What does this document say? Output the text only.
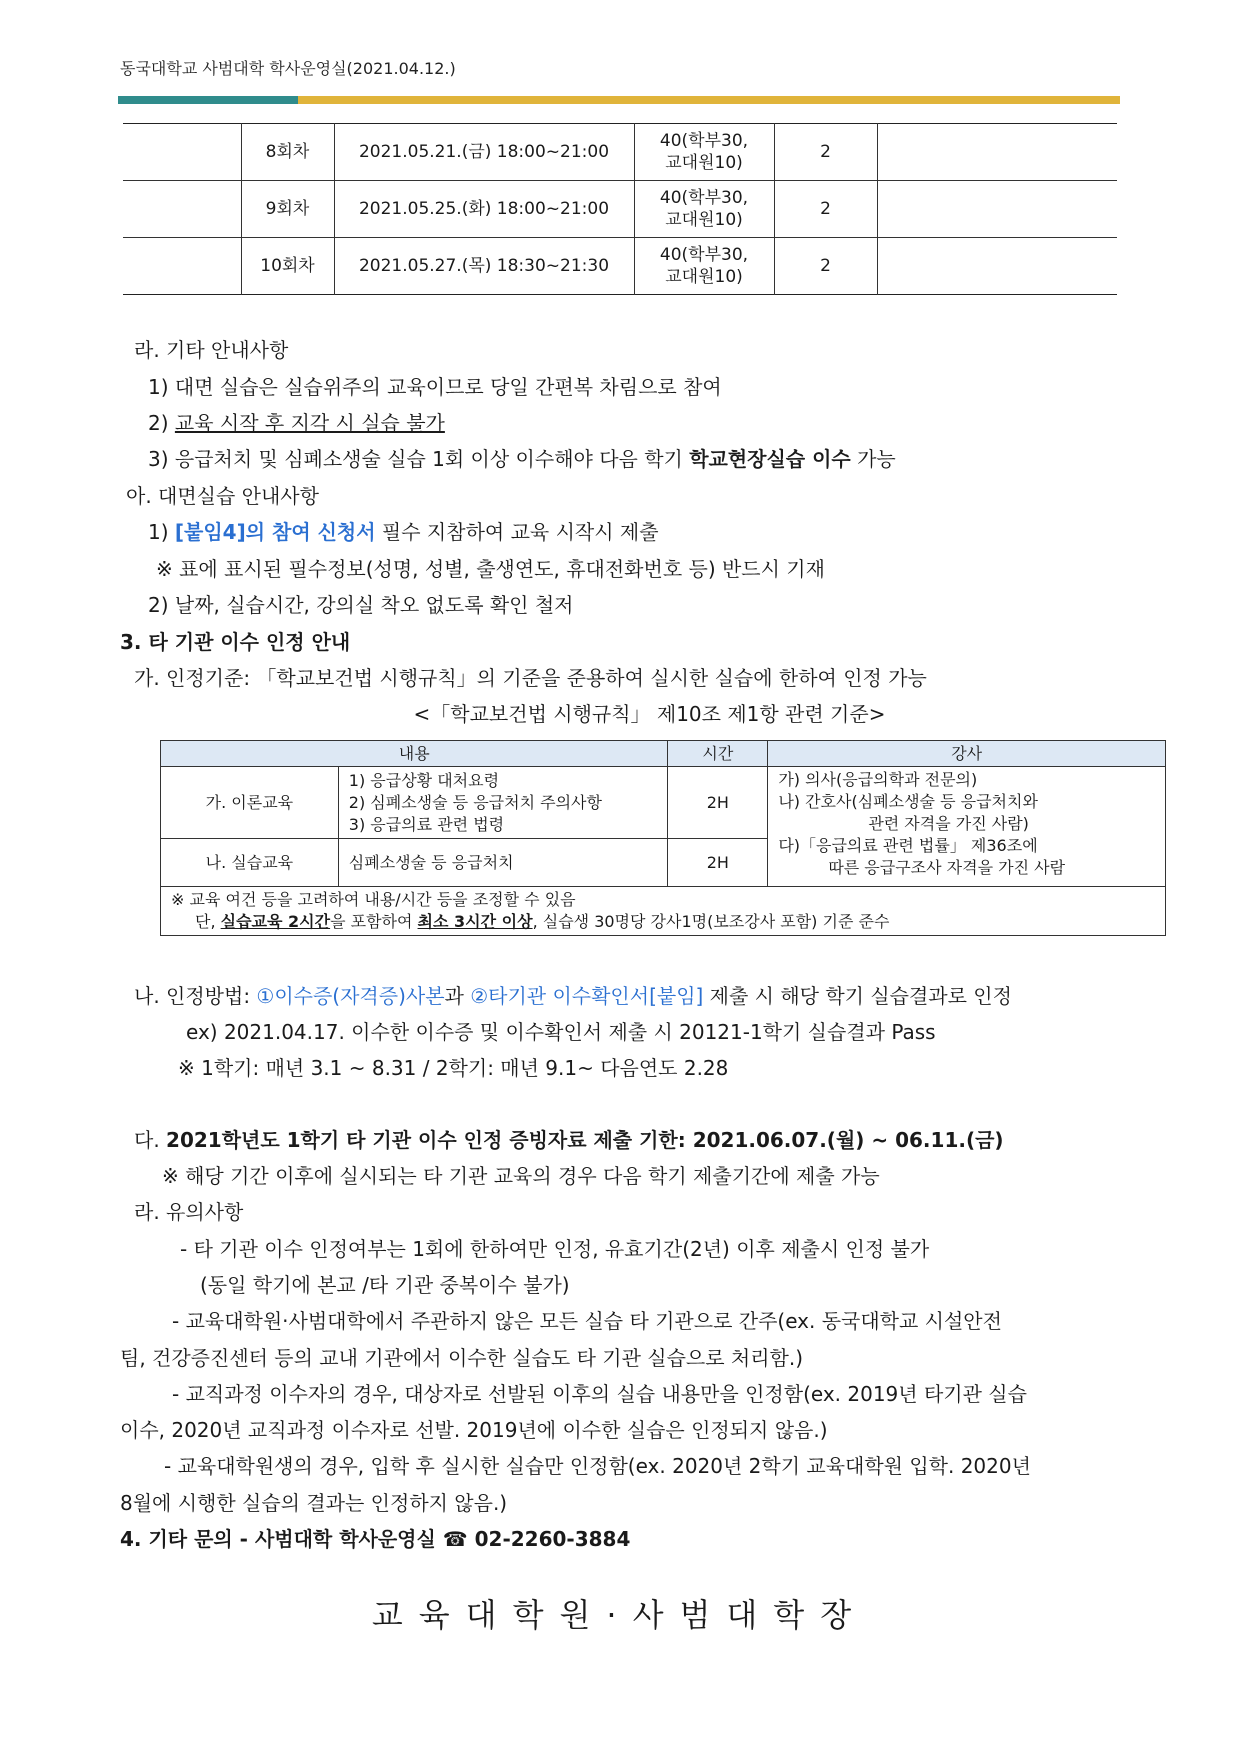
동국대학교 사범대학 학사운영실(2021.04.12.)
	8회차	2021.05.21.(금) 18:00~21:00	40(학부30,
교대원10)	2	
	9회차	2021.05.25.(화) 18:00~21:00	40(학부30,
교대원10)	2	
	10회차	2021.05.27.(목) 18:30~21:30	40(학부30,
교대원10)	2	
라. 기타 안내사항
1) 대면 실습은 실습위주의 교육이므로 당일 간편복 차림으로 참여
2) 교육 시작 후 지각 시 실습 불가
3) 응급처치 및 심폐소생술 실습 1회 이상 이수해야 다음 학기 학교현장실습 이수 가능
아. 대면실습 안내사항
1) [붙임4]의 참여 신청서 필수 지참하여 교육 시작시 제출
※ 표에 표시된 필수정보(성명, 성별, 출생연도, 휴대전화번호 등) 반드시 기재
2) 날짜, 실습시간, 강의실 착오 없도록 확인 철저
3. 타 기관 이수 인정 안내
가. 인정기준: 「학교보건법 시행규칙」의 기준을 준용하여 실시한 실습에 한하여 인정 가능
<「학교보건법 시행규칙」 제10조 제1항 관련 기준>
내용		시간	강사
가. 이론교육	1) 응급상황 대처요령
2) 심폐소생술 등 응급처치 주의사항
3) 응급의료 관련 법령	2H	가) 의사(응급의학과 전문의)
나) 간호사(심폐소생술 등 응급처치와
관련 자격을 가진 사람)
다)「응급의료 관련 법률」 제36조에
따른 응급구조사 자격을 가진 사람
나. 실습교육	심폐소생술 등 응급처치	2H	
※ 교육 여건 등을 고려하여 내용/시간 등을 조정할 수 있음
단, 실습교육 2시간을 포함하여 최소 3시간 이상, 실습생 30명당 강사1명(보조강사 포함) 기준 준수			
나. 인정방법: ①이수증(자격증)사본과 ②타기관 이수확인서[붙임] 제출 시 해당 학기 실습결과로 인정
ex) 2021.04.17. 이수한 이수증 및 이수확인서 제출 시 20121-1학기 실습결과 Pass
※ 1학기: 매년 3.1 ~ 8.31 / 2학기: 매년 9.1~ 다음연도 2.28
다. 2021학년도 1학기 타 기관 이수 인정 증빙자료 제출 기한: 2021.06.07.(월) ~ 06.11.(금)
※ 해당 기간 이후에 실시되는 타 기관 교육의 경우 다음 학기 제출기간에 제출 가능
라. 유의사항
- 타 기관 이수 인정여부는 1회에 한하여만 인정, 유효기간(2년) 이후 제출시 인정 불가
(동일 학기에 본교 /타 기관 중복이수 불가)
- 교육대학원·사범대학에서 주관하지 않은 모든 실습 타 기관으로 간주(ex. 동국대학교 시설안전
팀, 건강증진센터 등의 교내 기관에서 이수한 실습도 타 기관 실습으로 처리함.)
- 교직과정 이수자의 경우, 대상자로 선발된 이후의 실습 내용만을 인정함(ex. 2019년 타기관 실습
이수, 2020년 교직과정 이수자로 선발. 2019년에 이수한 실습은 인정되지 않음.)
- 교육대학원생의 경우, 입학 후 실시한 실습만 인정함(ex. 2020년 2학기 교육대학원 입학. 2020년
8월에 시행한 실습의 결과는 인정하지 않음.)
4. 기타 문의 - 사범대학 학사운영실 ☎ 02-2260-3884
교육대학원·사범대학장
